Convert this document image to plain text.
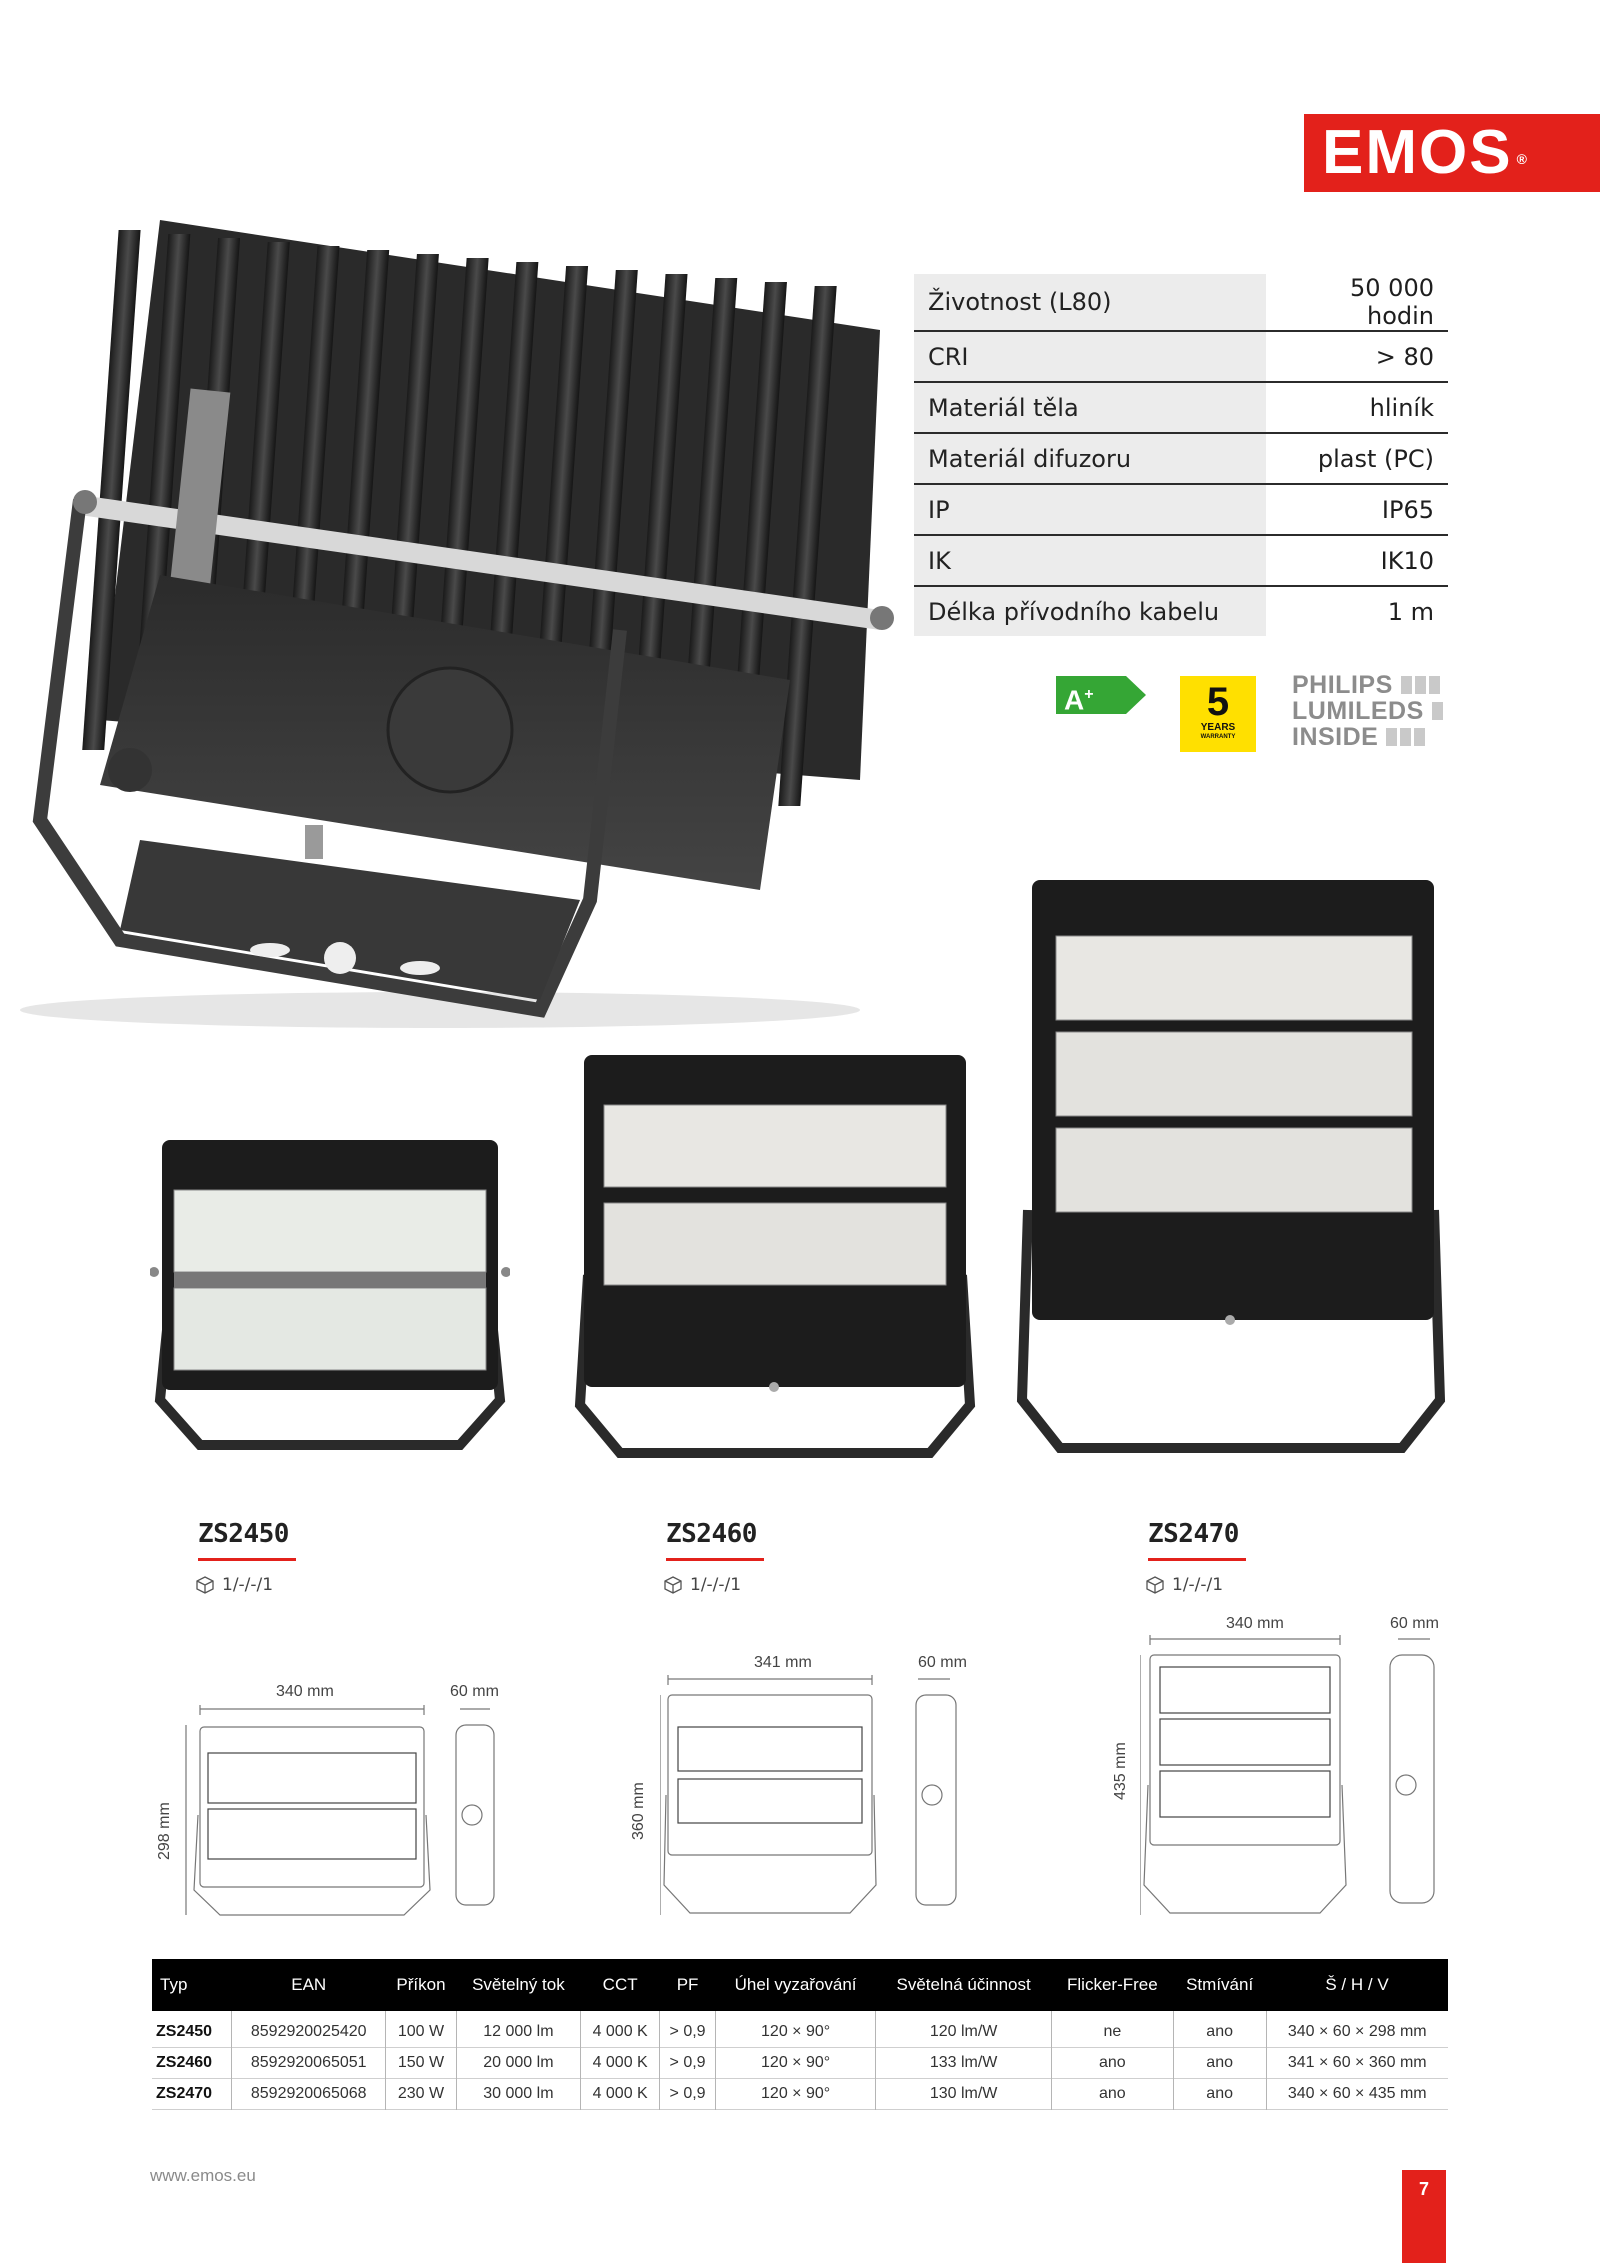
EMOS ®
Životnost (L80)	50 000 hodin
CRI	> 80
Materiál těla	hliník
Materiál difuzoru	plast (PC)
IP	IP65
IK	IK10
Délka přívodního kabelu	1 m
A+	5
YEARS
WARRANTY
PHILIPS
LUMILEDS
INSIDE
ZS2450
1/-/-/1
ZS2460
1/-/-/1
ZS2470
1/-/-/1
340 mm	60 mm
298 mm
341 mm	60 mm
360 mm
340 mm	60 mm
435 mm
Typ	EAN	Příkon	Světelný tok	CCT	PF	Úhel vyzařování	Světelná účinnost	Flicker-Free	Stmívání	Š / H / V
ZS2450	8592920025420	100 W	12 000 lm	4 000 K	> 0,9	120 × 90°	120 lm/W	ne	ano	340 × 60 × 298 mm
ZS2460	8592920065051	150 W	20 000 lm	4 000 K	> 0,9	120 × 90°	133 lm/W	ano	ano	341 × 60 × 360 mm
ZS2470	8592920065068	230 W	30 000 lm	4 000 K	> 0,9	120 × 90°	130 lm/W	ano	ano	340 × 60 × 435 mm
www.emos.eu
7
